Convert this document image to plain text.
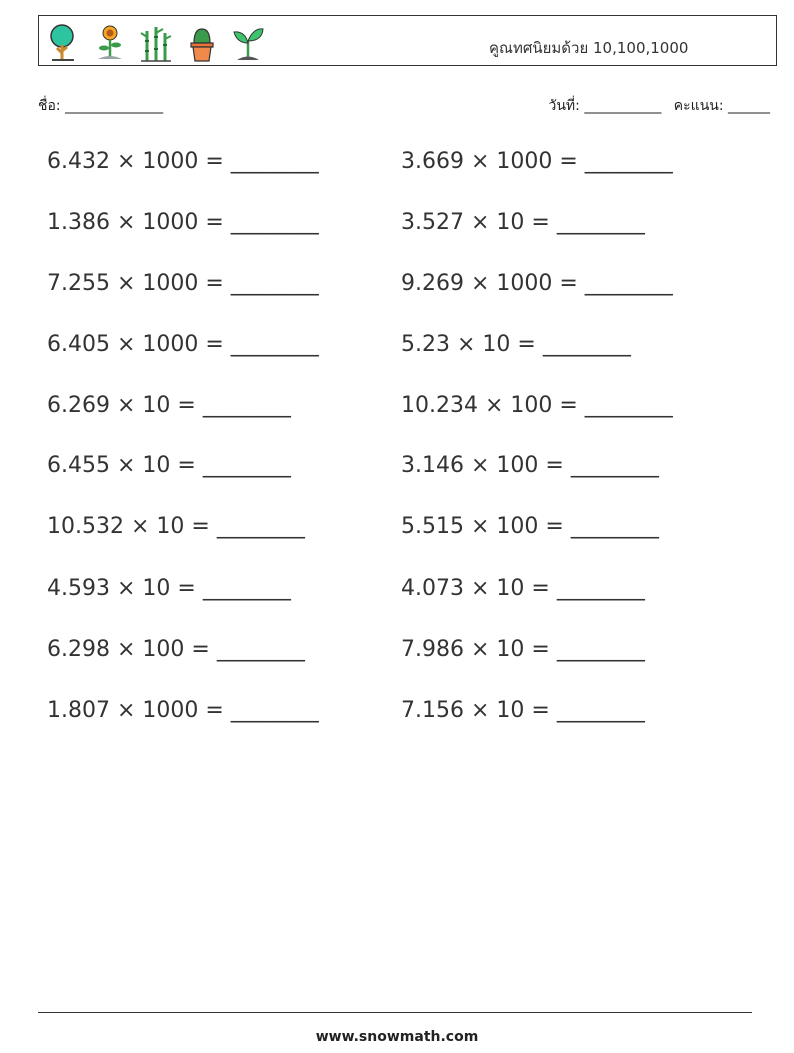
คูณทศนิยมด้วย 10,100,1000
ชื่อ: ______________	วันที่: ___________ คะแนน: ______
6.432 × 1000 = ________	3.669 × 1000 = ________
1.386 × 1000 = ________	3.527 × 10 = ________
7.255 × 1000 = ________	9.269 × 1000 = ________
6.405 × 1000 = ________	5.23 × 10 = ________
6.269 × 10 = ________	10.234 × 100 = ________
6.455 × 10 = ________	3.146 × 100 = ________
10.532 × 10 = ________	5.515 × 100 = ________
4.593 × 10 = ________	4.073 × 10 = ________
6.298 × 100 = ________	7.986 × 10 = ________
1.807 × 1000 = ________	7.156 × 10 = ________
www.snowmath.com
